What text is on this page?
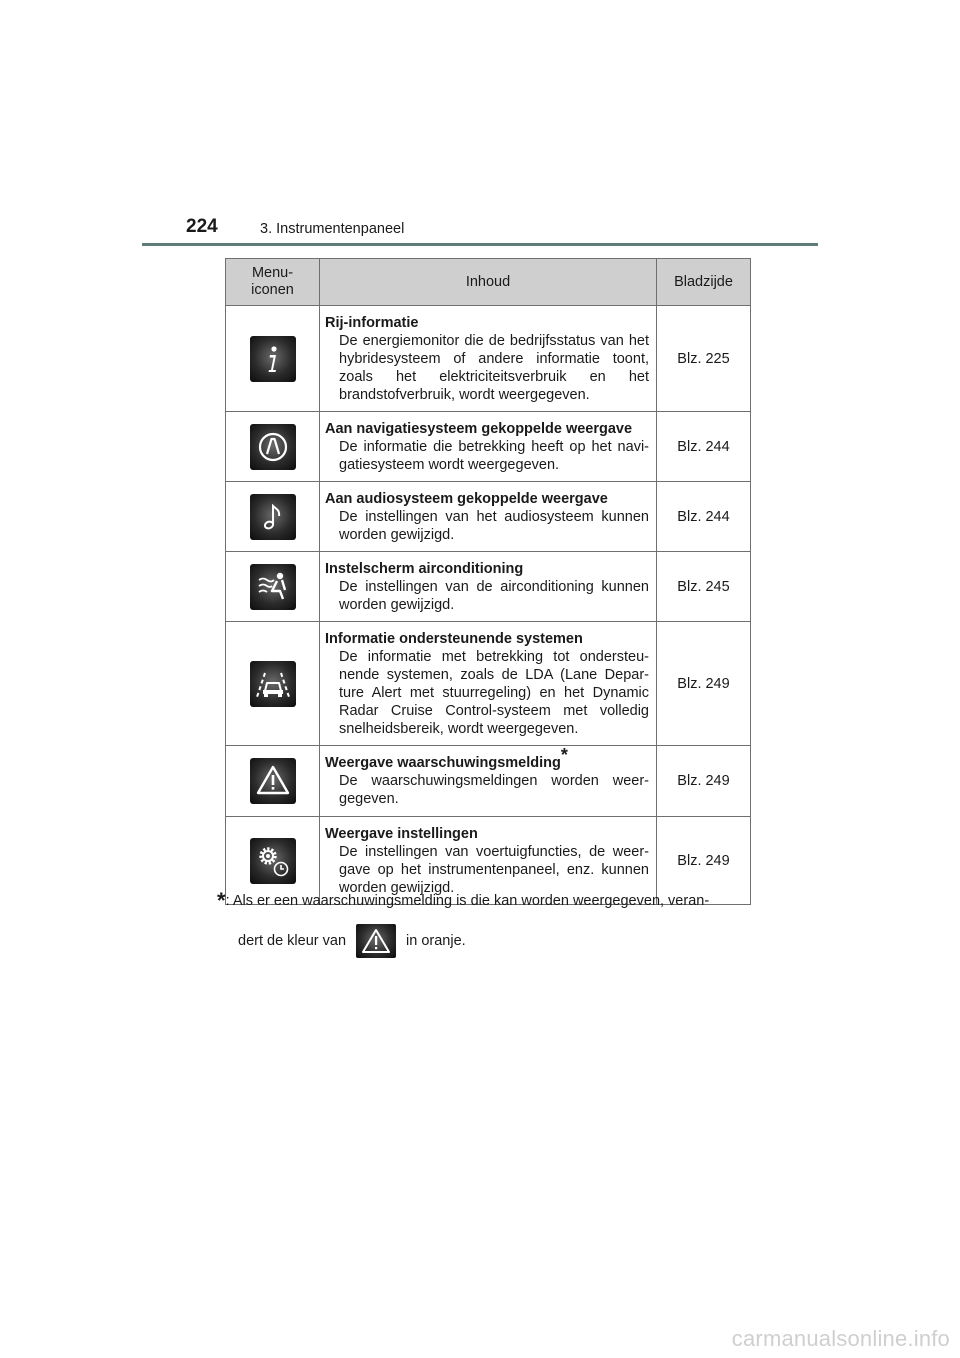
224	3. Instrumentenpaneel
Menu-
iconen	Inhoud	Bladzijde

Rij-informatie
De energiemonitor die de bedrijfsstatus van het hybridesysteem of andere informatie toont, zoals het elektriciteitsverbruik en het brandstofverbruik, wordt weergegeven.	Blz. 225

Aan navigatiesysteem gekoppelde weergave
De informatie die betrekking heeft op het navi-gatiesysteem wordt weergegeven.	Blz. 244

Aan audiosysteem gekoppelde weergave
De instellingen van het audiosysteem kunnen worden gewijzigd.	Blz. 244

Instelscherm airconditioning
De instellingen van de airconditioning kunnen worden gewijzigd.	Blz. 245

Informatie ondersteunende systemen
De informatie met betrekking tot ondersteu-nende systemen, zoals de LDA (Lane Depar-ture Alert met stuurregeling) en het Dynamic Radar Cruise Control-systeem met volledig snelheidsbereik, wordt weergegeven.	Blz. 249

Weergave waarschuwingsmelding*
De waarschuwingsmeldingen worden weer-gegeven.	Blz. 249

Weergave instellingen
De instellingen van voertuigfuncties, de weer-gave op het instrumentenpaneel, enz. kunnen worden gewijzigd.	Blz. 249
*: Als er een waarschuwingsmelding is die kan worden weergegeven, veran-
dert de kleur van	in oranje.
carmanualsonline.info
